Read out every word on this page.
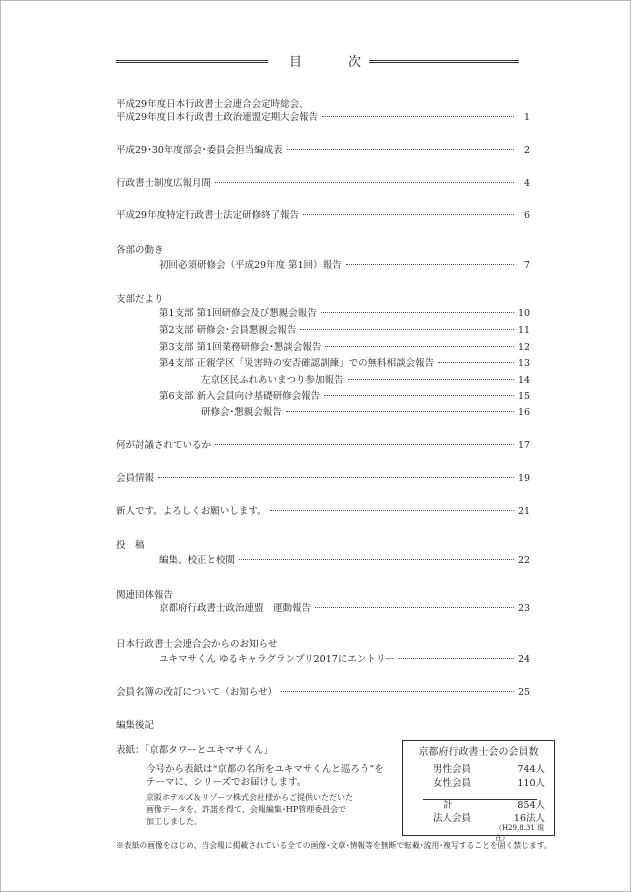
目	次
平成29年度日本行政書士会連合会定時総会、
平成29年度日本行政書士政治連盟定期大会報告	1
平成29･30年度部会･委員会担当編成表	2
行政書士制度広報月間	4
平成29年度特定行政書士法定研修終了報告	6
各部の動き
初回必須研修会（平成29年度 第1回）報告	7
支部だより
第1支部 第1回研修会及び懇親会報告	10
第2支部 研修会･会員懇親会報告	11
第3支部 第1回業務研修会･懇談会報告	12
第4支部 正親学区「災害時の安否確認訓練」での無料相談会報告	13
左京区民ふれあいまつり参加報告	14
第6支部 新入会員向け基礎研修会報告	15
研修会･懇親会報告	16
何が討議されているか	17
会員情報	19
新人です。よろしくお願いします。	21
投　稿
編集、校正と校閲	22
関連団体報告
京都府行政書士政治連盟　運動報告	23
日本行政書士会連合会からのお知らせ
ユキマサくん ゆるキャラグランプリ2017にエントリー	24
会員名簿の改訂について（お知らせ）	25
編集後記
表紙：「京都タワーとユキマサくん」
今号から表紙は“京都の名所をユキマサくんと巡ろう”を
テーマに、シリーズでお届けします。
京阪ホテルズ＆リゾーツ株式会社様からご提供いただいた
画像データを、許諾を得て、会報編集･HP管理委員会で
加工しました。
京都府行政書士会の会員数
男性会員	744人
女性会員	110人
計	854人
法人会員	16法人
（H29.8.31 現在）
※表紙の画像をはじめ、当会報に掲載されている全ての画像･文章･情報等を無断で転載･流用･複写することを固く禁じます。
